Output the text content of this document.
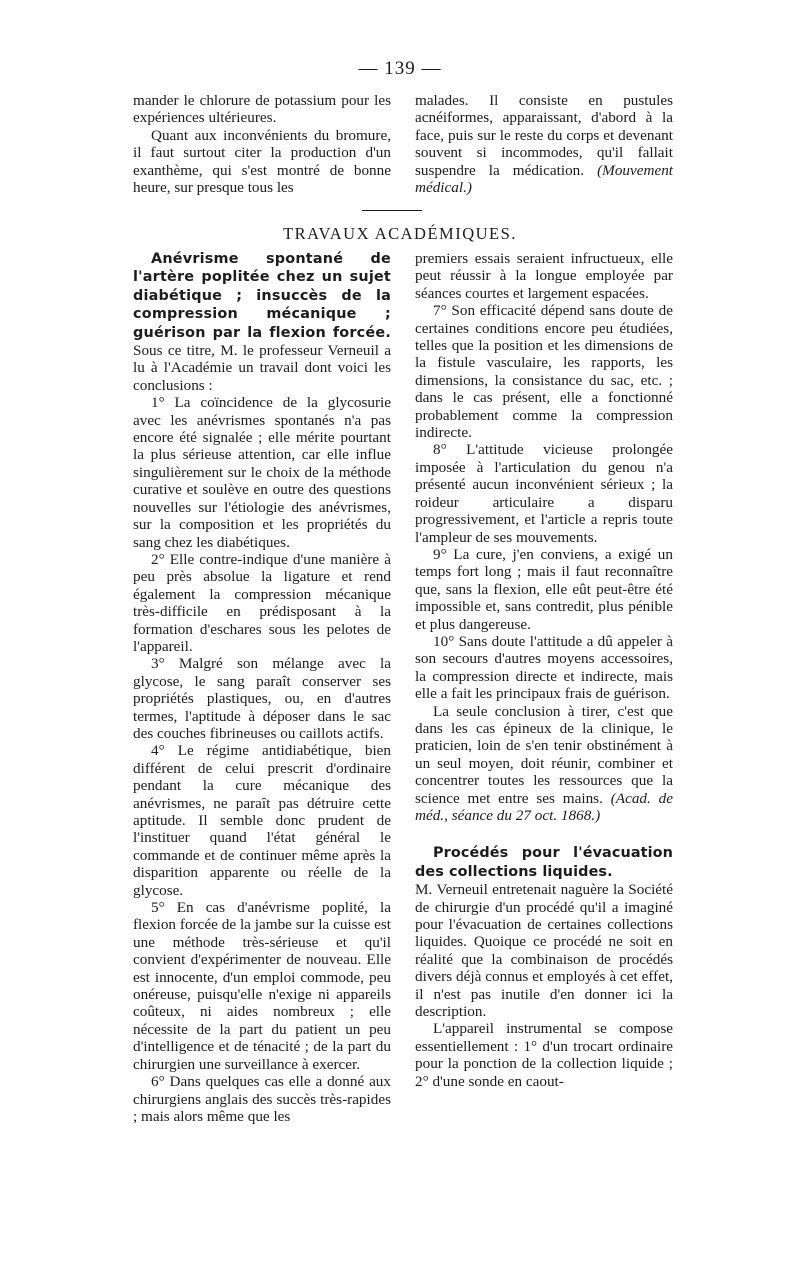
— 139 —

mander le chlorure de potassium pour les expériences ultérieures.

Quant aux inconvénients du bromure, il faut surtout citer la production d'un exanthème, qui s'est montré de bonne heure, sur presque tous les

malades. Il consiste en pustules acnéiformes, apparaissant, d'abord à la face, puis sur le reste du corps et devenant souvent si incommodes, qu'il fallait suspendre la médication. (Mouvement médical.)

TRAVAUX ACADÉMIQUES.

Anévrisme spontané de l'artère poplitée chez un sujet diabétique ; insuccès de la compression mécanique ; guérison par la flexion forcée. Sous ce titre, M. le professeur Verneuil a lu à l'Académie un travail dont voici les conclusions :

1° La coïncidence de la glycosurie avec les anévrismes spontanés n'a pas encore été signalée ; elle mérite pourtant la plus sérieuse attention, car elle influe singulièrement sur le choix de la méthode curative et soulève en outre des questions nouvelles sur l'étiologie des anévrismes, sur la composition et les propriétés du sang chez les diabétiques.

2° Elle contre-indique d'une manière à peu près absolue la ligature et rend également la compression mécanique très-difficile en prédisposant à la formation d'eschares sous les pelotes de l'appareil.

3° Malgré son mélange avec la glycose, le sang paraît conserver ses propriétés plastiques, ou, en d'autres termes, l'aptitude à déposer dans le sac des couches fibrineuses ou caillots actifs.

4° Le régime antidiabétique, bien différent de celui prescrit d'ordinaire pendant la cure mécanique des anévrismes, ne paraît pas détruire cette aptitude. Il semble donc prudent de l'instituer quand l'état général le commande et de continuer même après la disparition apparente ou réelle de la glycose.

5° En cas d'anévrisme poplité, la flexion forcée de la jambe sur la cuisse est une méthode très-sérieuse et qu'il convient d'expérimenter de nouveau. Elle est innocente, d'un emploi commode, peu onéreuse, puisqu'elle n'exige ni appareils coûteux, ni aides nombreux ; elle nécessite de la part du patient un peu d'intelligence et de ténacité ; de la part du chirurgien une surveillance à exercer.

6° Dans quelques cas elle a donné aux chirurgiens anglais des succès très-rapides ; mais alors même que les

premiers essais seraient infructueux, elle peut réussir à la longue employée par séances courtes et largement espacées.

7° Son efficacité dépend sans doute de certaines conditions encore peu étudiées, telles que la position et les dimensions de la fistule vasculaire, les rapports, les dimensions, la consistance du sac, etc. ; dans le cas présent, elle a fonctionné probablement comme la compression indirecte.

8° L'attitude vicieuse prolongée imposée à l'articulation du genou n'a présenté aucun inconvénient sérieux ; la roideur articulaire a disparu progressivement, et l'article a repris toute l'ampleur de ses mouvements.

9° La cure, j'en conviens, a exigé un temps fort long ; mais il faut reconnaître que, sans la flexion, elle eût peut-être été impossible et, sans contredit, plus pénible et plus dangereuse.

10° Sans doute l'attitude a dû appeler à son secours d'autres moyens accessoires, la compression directe et indirecte, mais elle a fait les principaux frais de guérison.

La seule conclusion à tirer, c'est que dans les cas épineux de la clinique, le praticien, loin de s'en tenir obstinément à un seul moyen, doit réunir, combiner et concentrer toutes les ressources que la science met entre ses mains. (Acad. de méd., séance du 27 oct. 1868.)

Procédés pour l'évacuation des collections liquides.

M. Verneuil entretenait naguère la Société de chirurgie d'un procédé qu'il a imaginé pour l'évacuation de certaines collections liquides. Quoique ce procédé ne soit en réalité que la combinaison de procédés divers déjà connus et employés à cet effet, il n'est pas inutile d'en donner ici la description.

L'appareil instrumental se compose essentiellement : 1° d'un trocart ordinaire pour la ponction de la collection liquide ; 2° d'une sonde en caout-
